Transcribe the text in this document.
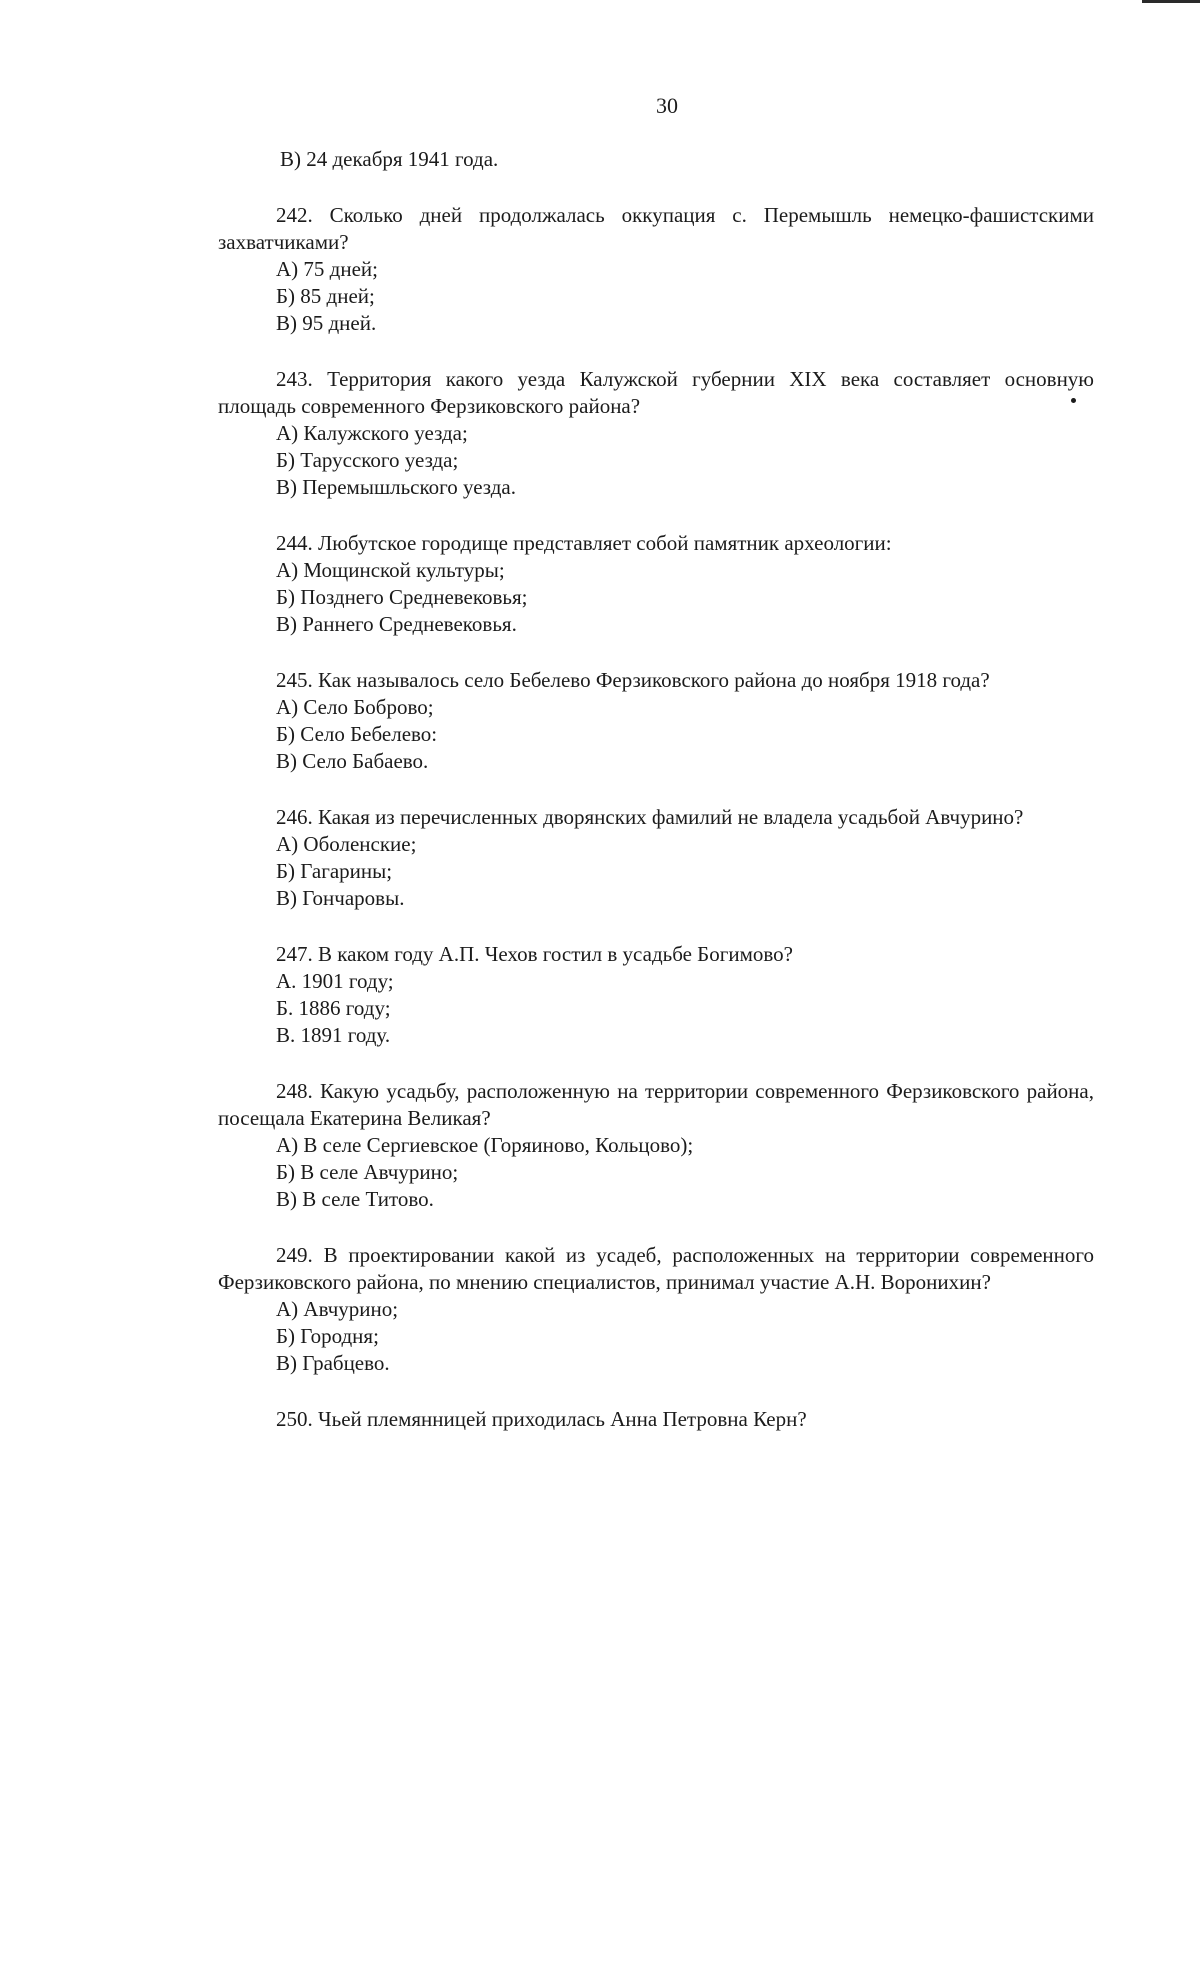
30

В) 24 декабря 1941 года.

242. Сколько дней продолжалась оккупация с. Перемышль немецко-фашистскими захватчиками?

А) 75 дней;

Б) 85 дней;

В) 95 дней.

243. Территория какого уезда Калужской губернии XIX века составляет основную площадь современного Ферзиковского района?

А) Калужского уезда;

Б) Тарусского уезда;

В) Перемышльского уезда.

244. Любутское городище представляет собой памятник археологии:

А) Мощинской культуры;

Б) Позднего Средневековья;

В) Раннего Средневековья.

245. Как называлось село Бебелево Ферзиковского района до ноября 1918 года?

А) Село Боброво;

Б) Село Бебелево:

В) Село Бабаево.

246. Какая из перечисленных дворянских фамилий не владела усадьбой Авчурино?

А) Оболенские;

Б) Гагарины;

В) Гончаровы.

247. В каком году А.П. Чехов гостил в усадьбе Богимово?

А. 1901 году;

Б. 1886 году;

В. 1891 году.

248. Какую усадьбу, расположенную на территории современного Ферзиковского района, посещала Екатерина Великая?

А) В селе Сергиевское (Горяиново, Кольцово);

Б) В селе Авчурино;

В) В селе Титово.

249. В проектировании какой из усадеб, расположенных на территории современного Ферзиковского района, по мнению специалистов, принимал участие А.Н. Воронихин?

А) Авчурино;

Б) Городня;

В) Грабцево.

250. Чьей племянницей приходилась Анна Петровна Керн?
